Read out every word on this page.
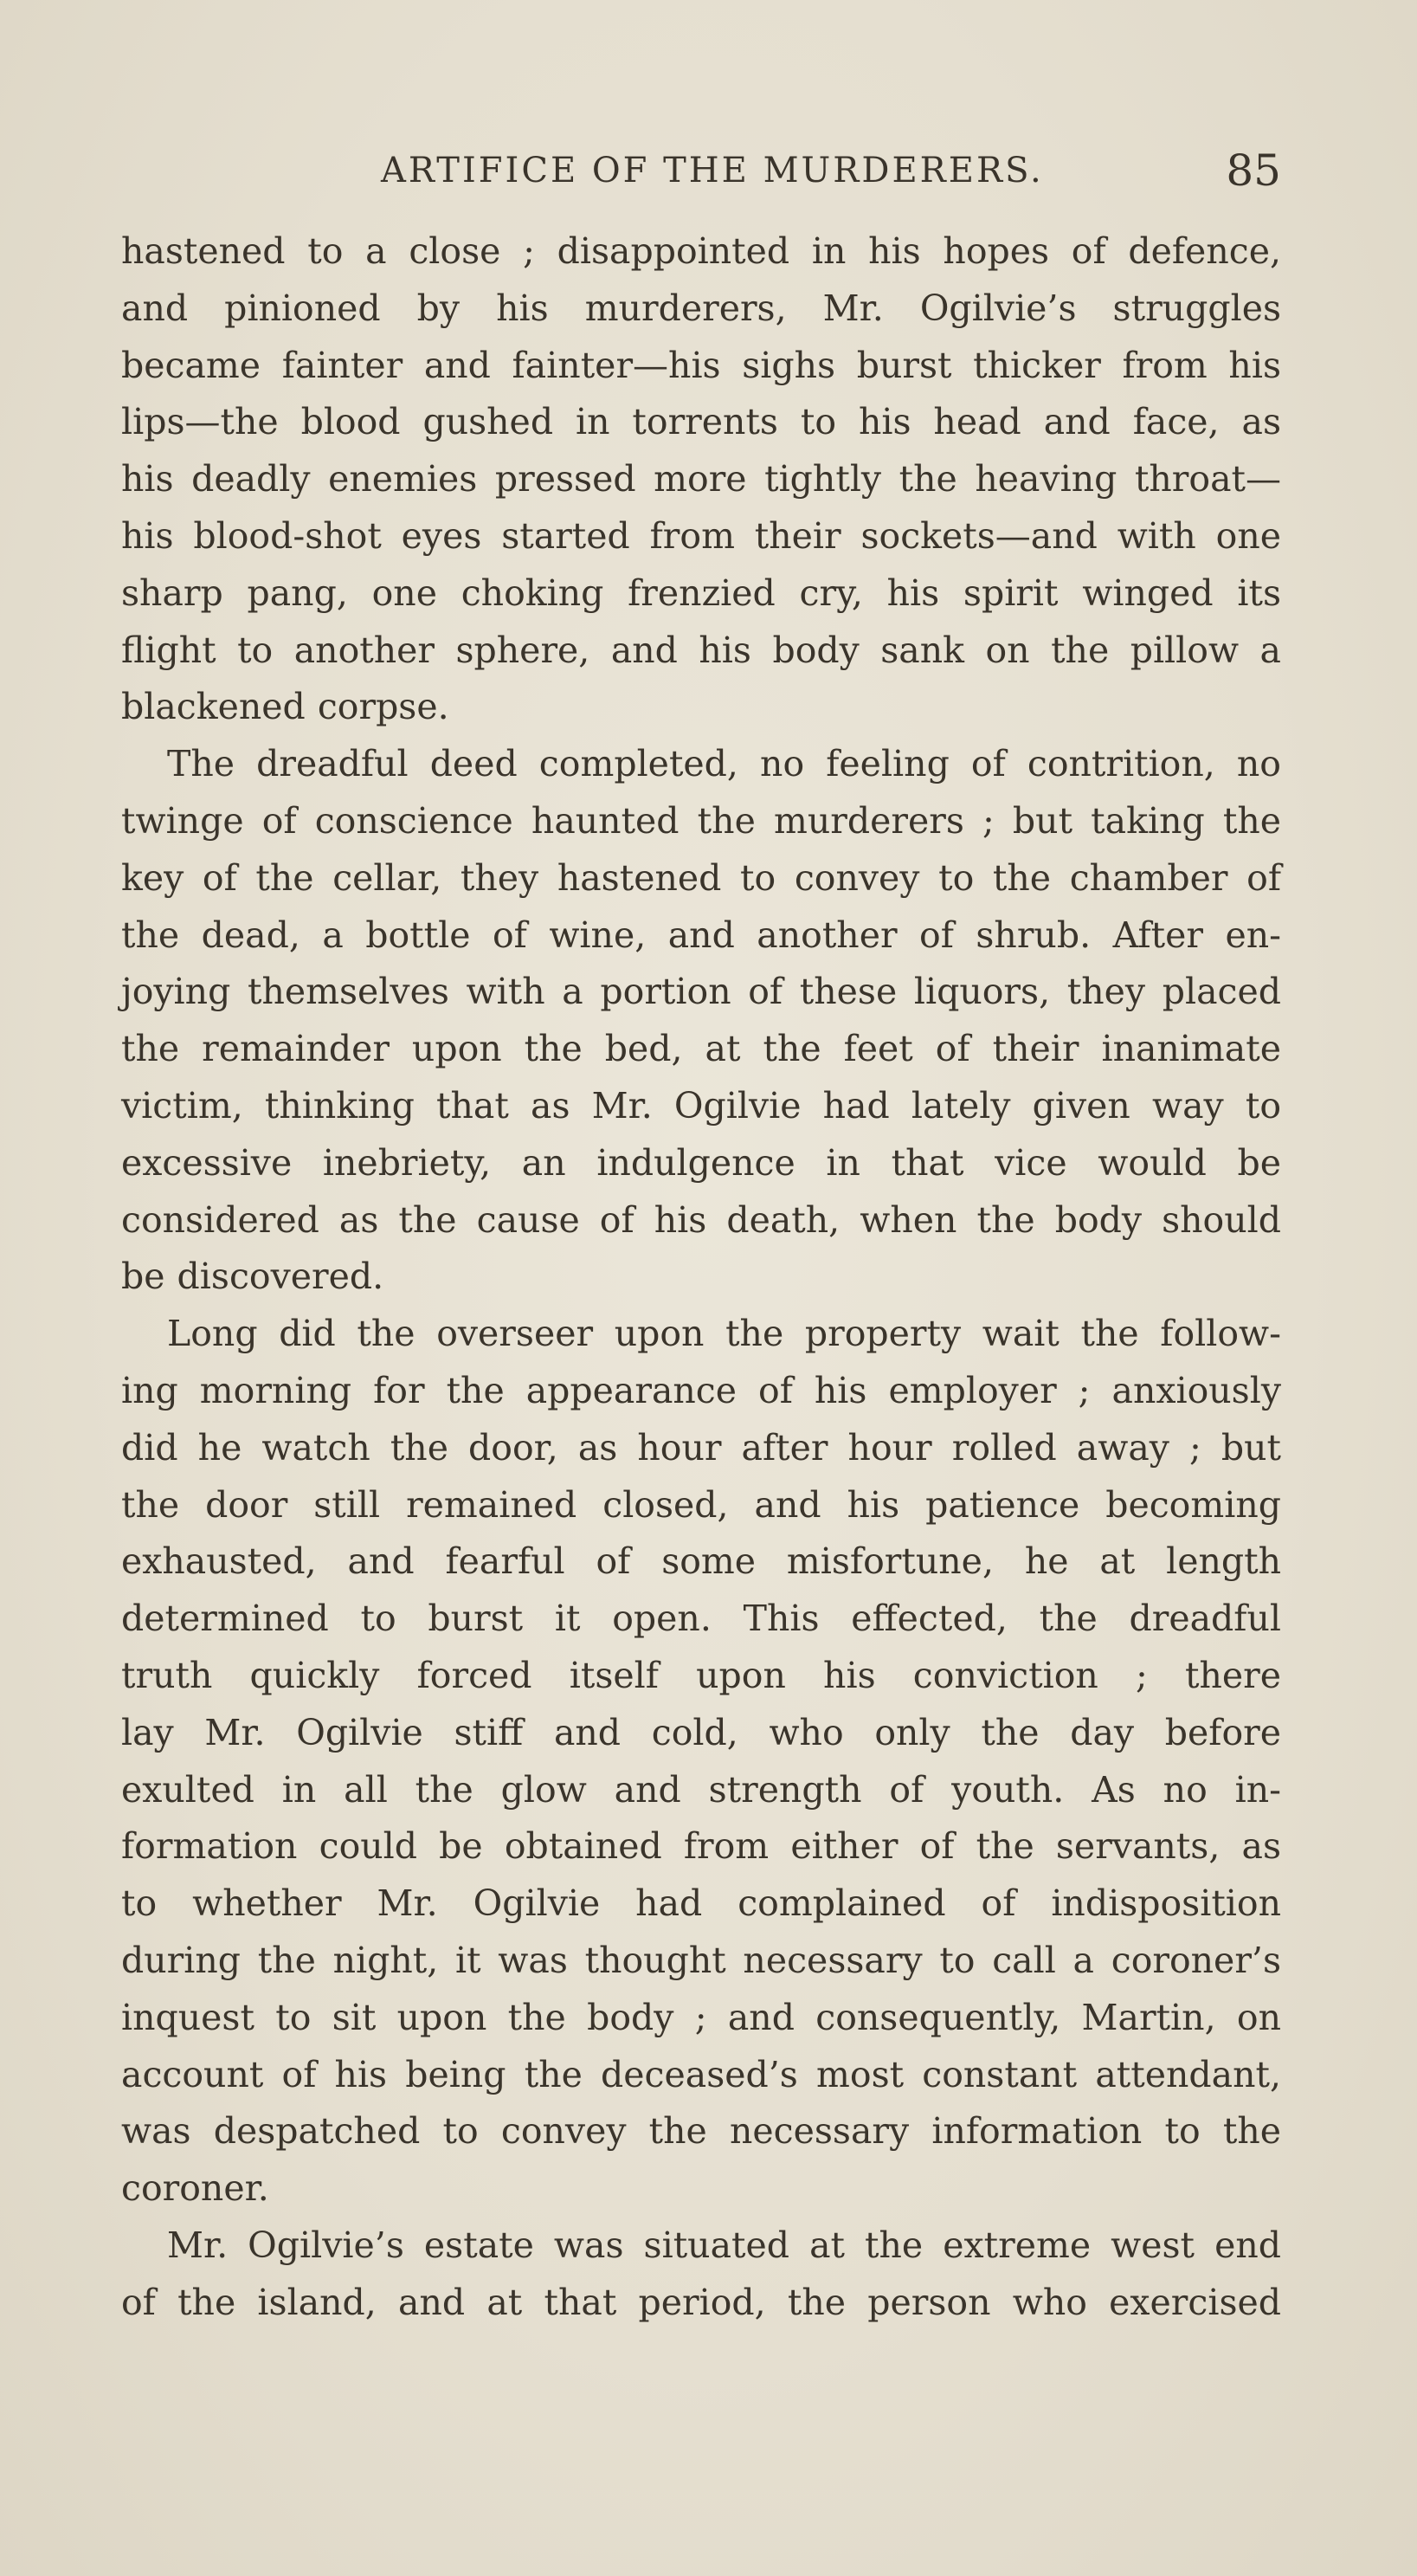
ARTIFICE OF THE MURDERERS.	85

hastened to a close ; disappointed in his hopes of defence,
and pinioned by his murderers, Mr. Ogilvie’s struggles
became fainter and fainter—his sighs burst thicker from his
lips—the blood gushed in torrents to his head and face, as
his deadly enemies pressed more tightly the heaving throat—
his blood-shot eyes started from their sockets—and with one
sharp pang, one choking frenzied cry, his spirit winged its
flight to another sphere, and his body sank on the pillow a
blackened corpse.

The dreadful deed completed, no feeling of contrition, no
twinge of conscience haunted the murderers ; but taking the
key of the cellar, they hastened to convey to the chamber of
the dead, a bottle of wine, and another of shrub. After en-
joying themselves with a portion of these liquors, they placed
the remainder upon the bed, at the feet of their inanimate
victim, thinking that as Mr. Ogilvie had lately given way to
excessive inebriety, an indulgence in that vice would be
considered as the cause of his death, when the body should
be discovered.

Long did the overseer upon the property wait the follow-
ing morning for the appearance of his employer ; anxiously
did he watch the door, as hour after hour rolled away ; but
the door still remained closed, and his patience becoming
exhausted, and fearful of some misfortune, he at length
determined to burst it open. This effected, the dreadful
truth quickly forced itself upon his conviction ; there
lay Mr. Ogilvie stiff and cold, who only the day before
exulted in all the glow and strength of youth. As no in-
formation could be obtained from either of the servants, as
to whether Mr. Ogilvie had complained of indisposition
during the night, it was thought necessary to call a coroner’s
inquest to sit upon the body ; and consequently, Martin, on
account of his being the deceased’s most constant attendant,
was despatched to convey the necessary information to the
coroner.

Mr. Ogilvie’s estate was situated at the extreme west end
of the island, and at that period, the person who exercised
